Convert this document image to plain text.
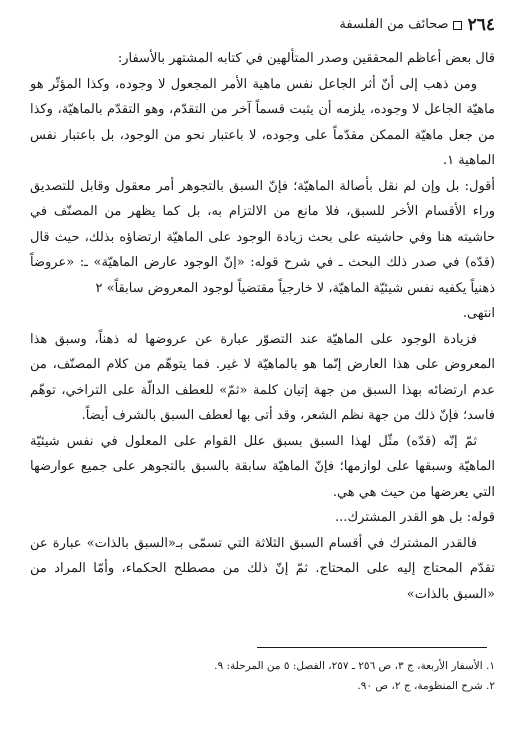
٢٦٤
صحائف من الفلسفة

قال بعض أعاظم المحققين وصدر المتألهين في كتابه المشتهر بالأسفار:

ومن ذهب إلى أنّ أثر الجاعل نفس ماهية الأمر المجعول لا وجوده، وكذا المؤثّر هو ماهيّة الجاعل لا وجوده، يلزمه أن يثبت قسماً آخر من التقدّم، وهو التقدّم بالماهيّة، وكذا من جعل ماهيّة الممكن مقدّماً على وجوده، لا باعتبار نحو من الوجود، بل باعتبار نفس الماهية ١.

أقول: بل وإن لم نقل بأصالة الماهيّة؛ فإنّ السبق بالتجوهر أمر معقول وقابل للتصديق وراء الأقسام الأخر للسبق، فلا مانع من الالتزام به، بل كما يظهر من المصنّف في حاشيته هنا وفي حاشيته على بحث زيادة الوجود على الماهيّة ارتضاؤه بذلك، حيث قال (قدّه) في صدر ذلك البحث ـ في شرح قوله: «إنّ الوجود عارض الماهيّة» ـ: «عروضاً ذهنياً يكفيه نفس شيئيّة الماهيّة، لا خارجياً مقتضياً لوجود المعروض سابقاً» ٢

انتهى.

فزيادة الوجود على الماهيّة عند التصوّر عبارة عن عروضها له ذهناً، وسبق هذا المعروض على هذا العارض إنّما هو بالماهيّة لا غير. فما يتوهّم من كلام المصنّف، من عدم ارتضائه بهذا السبق من جهة إتيان كلمة «ثمّ» للعطف الدالّة على التراخي، توهّم فاسد؛ فإنّ ذلك من جهة نظم الشعر، وقد أتى بها لعطف السبق بالشرف أيضاً.

ثمّ إنّه (قدّه) مثّل لهذا السبق بسبق علل القوام على المعلول في نفس شيئيّة الماهيّة وسبقها على لوازمها؛ فإنّ الماهيّة سابقة بالسبق بالتجوهر على جميع عوارضها التي يعرضها من حيث هي هي.

قوله: بل هو القدر المشترك...

فالقدر المشترك في أقسام السبق الثلاثة التي تسمّى بـ«السبق بالذات» عبارة عن تقدّم المحتاج إليه على المحتاج. ثمّ إنّ ذلك من مصطلح الحكماء، وأمّا المراد من «السبق بالذات»

١. الأسفار الأربعة، ج ٣، ص ٢٥٦ ـ ٢٥٧، الفصل: ٥ من المرحلة: ٩.
٢. شرح المنظومة، ج ٢، ص ٩٠.
